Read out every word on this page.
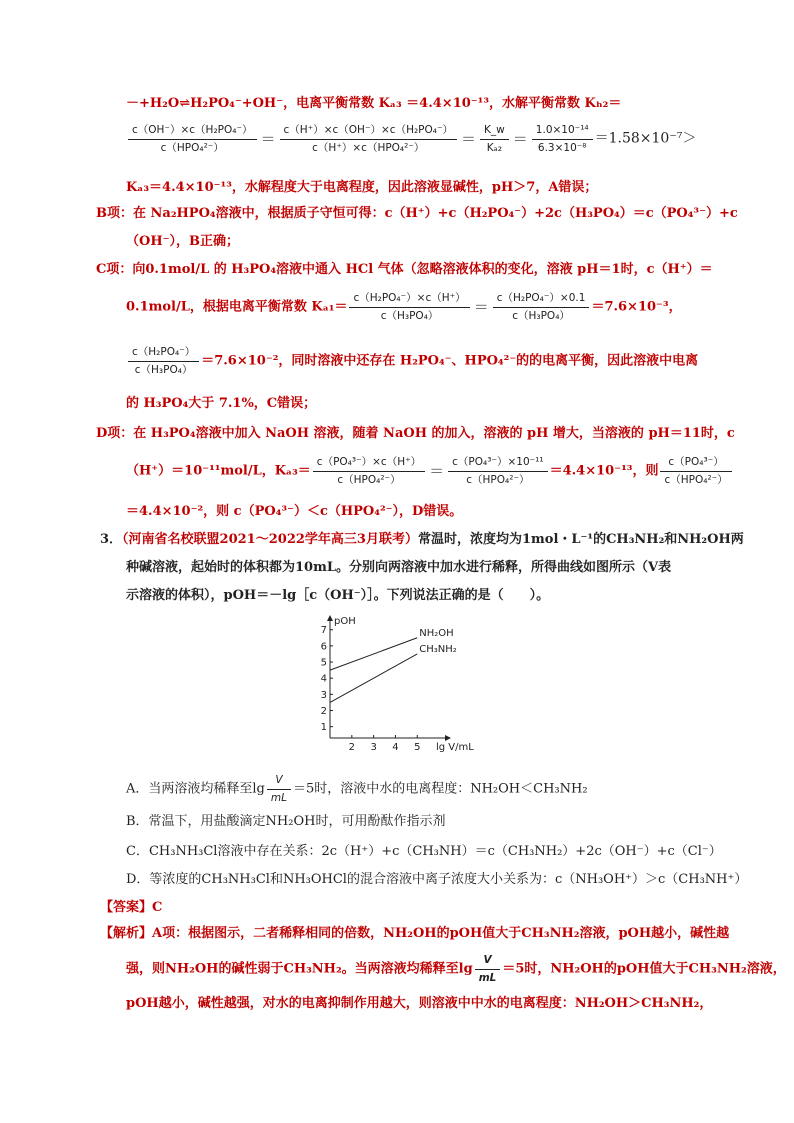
－+H₂O⇌H₂PO₄⁻+OH⁻，电离平衡常数 Kₐ₃ ＝4.4×10⁻¹³，水解平衡常数 Kₕ₂＝
$\frac{\text{c（OH⁻）×c（H₂PO₄⁻）}}{\text{c（HPO₄²⁻）}} = \frac{\text{c（H⁺）×c（OH⁻）×c（H₂PO₄⁻）}}{\text{c（H⁺）×c（HPO₄²⁻）}} = \frac{K\_w}{\text{Kₐ₂}} = \frac{\text{1.0×10⁻¹⁴}}{\text{6.3×10⁻⁸}} =1.58\times 10^{-7}>$
Kₐ₃＝4.4×10⁻¹³，水解程度大于电离程度，因此溶液显碱性，pH＞7，A错误；
B项：在 Na₂HPO₄溶液中，根据质子守恒可得：c（H⁺）+c（H₂PO₄⁻）+2c（H₃PO₄）＝c（PO₄³⁻）+c
（OH⁻），B正确；
C项：向0.1mol/L 的 H₃PO₄溶液中通入 HCl 气体（忽略溶液体积的变化，溶液 pH＝1时，c（H⁺）＝
0.1mol/L，根据电离平衡常数 $K_{a1}= \frac{\text{c（H₂PO₄⁻）×c（H⁺）}}{\text{c（H₃PO₄）}} = \frac{\text{c（H₂PO₄⁻）×0.1}}{\text{c（H₃PO₄）}} =7.6\times 10^{-3}$，
$\frac{\text{c（H₂PO₄⁻）}}{\text{c（H₃PO₄）}} =7.6\times 10^{-2}$，同时溶液中还存在 H₂PO₄⁻、HPO₄²⁻的的电离平衡，因此溶液中电离
的 H₃PO₄大于 7.1%，C错误；
D项：在 H₃PO₄溶液中加入 NaOH 溶液，随着 NaOH 的加入，溶液的 pH 增大，当溶液的 pH＝11时，c
（H⁺）＝10⁻¹¹mol/L，$K_{a3}= \frac{\text{c（PO₄³⁻）×c（H⁺）}}{\text{c（HPO₄²⁻）}} = \frac{\text{c（PO₄³⁻）×10⁻¹¹}}{\text{c（HPO₄²⁻）}} =4.4\times 10^{-13}$，则 $\frac{\text{c（PO₄³⁻）}}{\text{c（HPO₄²⁻）}}$
＝4.4×10⁻²，则 c（PO₄³⁻）＜c（HPO₄²⁻），D错误。
3．（河南省名校联盟2021～2022学年高三3月联考）常温时，浓度均为1mol・L⁻¹的CH₃NH₂和NH₂OH两
种碱溶液，起始时的体积都为10mL。分别向两溶液中加水进行稀释，所得曲线如图所示（V表
示溶液的体积），pOH＝－lg［c（OH⁻）］。下列说法正确的是（　　）。
1
2
3
4
5
6
7
2 3 4 5
NH₂OH
CH₃NH₂
pOH
lg V/mL
A．当两溶液均稀释至$\lg \frac{V}{mL} =5$时，溶液中水的电离程度：NH₂OH＜CH₃NH₂
B．常温下，用盐酸滴定NH₂OH时，可用酚酞作指示剂
C．CH₃NH₃Cl溶液中存在关系：2c（H⁺）+c（CH₃NH）＝c（CH₃NH₂）+2c（OH⁻）+c（Cl⁻）
D．等浓度的CH₃NH₃Cl和NH₃OHCl的混合溶液中离子浓度大小关系为：c（NH₃OH⁺）＞c（CH₃NH⁺）
【答案】C
【解析】A项：根据图示，二者稀释相同的倍数，NH₂OH的pOH值大于CH₃NH₂溶液，pOH越小，碱性越
强，则NH₂OH的碱性弱于CH₃NH₂。当两溶液均稀释至$\lg \frac{V}{mL} =5$时，NH₂OH的pOH值大于CH₃NH₂溶液，
pOH越小，碱性越强，对水的电离抑制作用越大，则溶液中中水的电离程度：NH₂OH＞CH₃NH₂，
